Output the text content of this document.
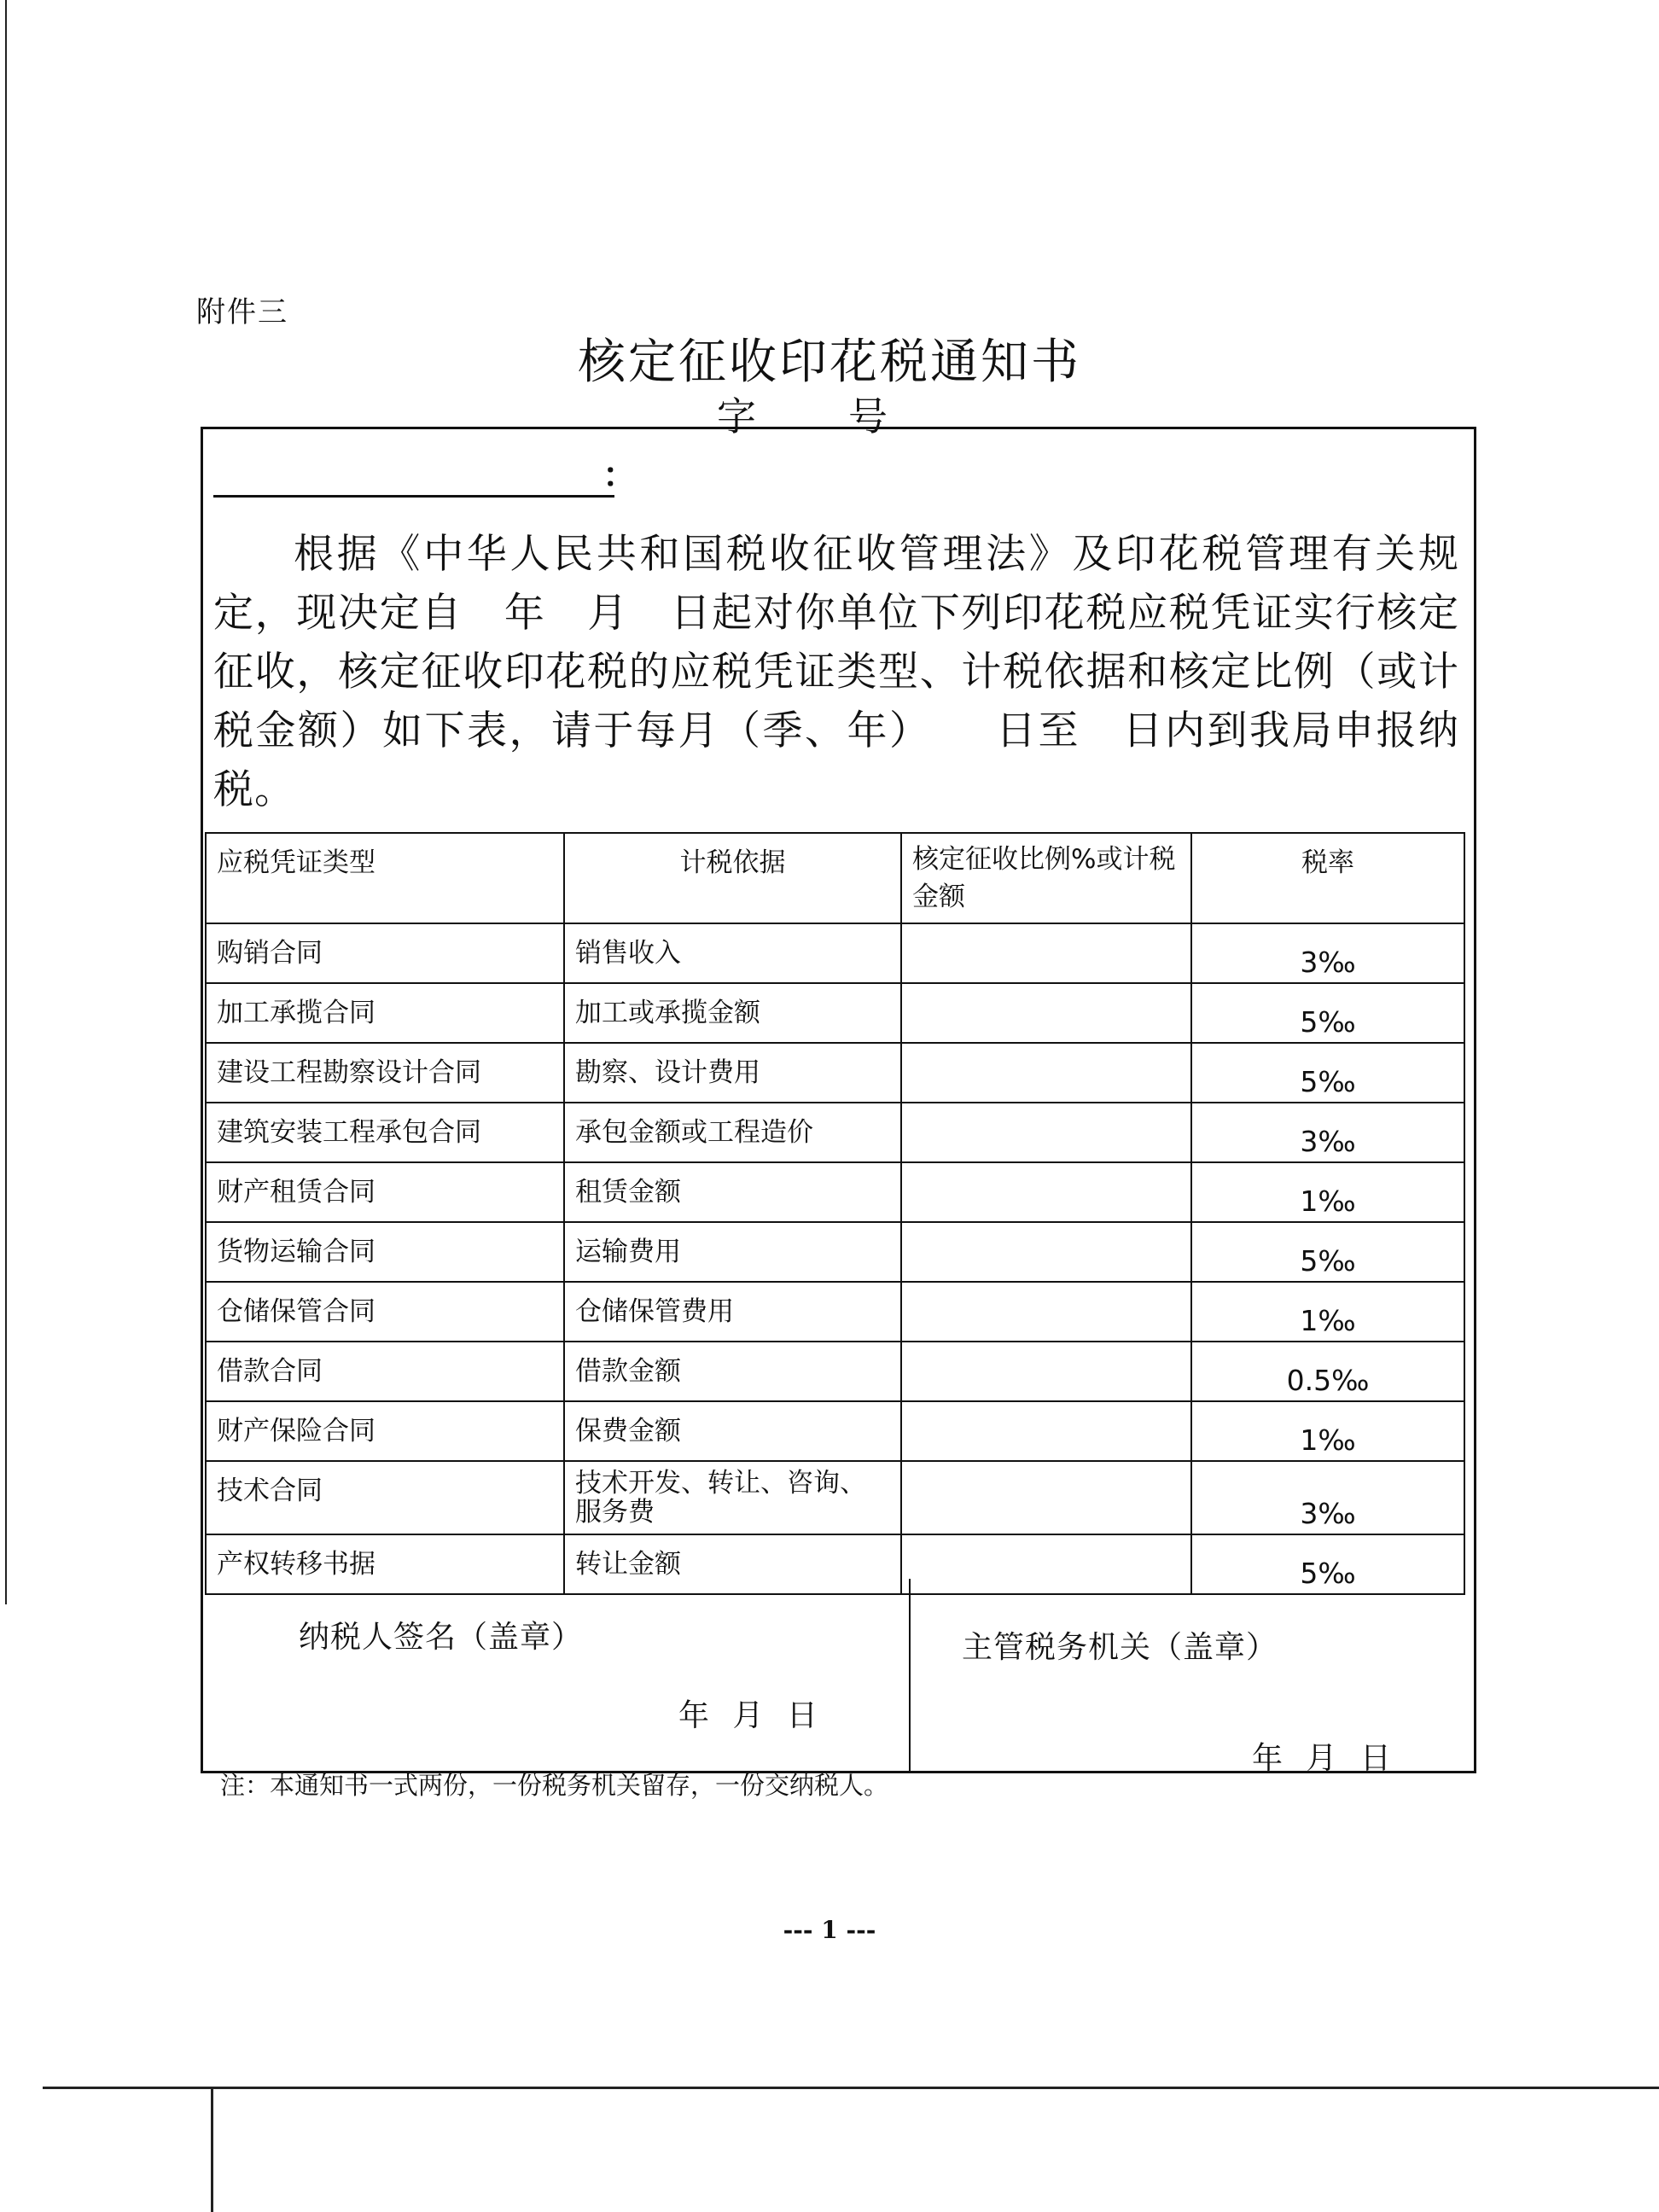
附件三
核定征收印花税通知书
字 号
：
根据《中华人民共和国税收征收管理法》及印花税管理有关规定，现决定自　年　月　日起对你单位下列印花税应税凭证实行核定征收，核定征收印花税的应税凭证类型、计税依据和核定比例（或计税金额）如下表，请于每月（季、年）　　日至　日内到我局申报纳税。
应税凭证类型	计税依据	核定征收比例%或计税金额	税率
购销合同	销售收入		3‰
加工承揽合同	加工或承揽金额		5‰
建设工程勘察设计合同	勘察、设计费用		5‰
建筑安装工程承包合同	承包金额或工程造价		3‰
财产租赁合同	租赁金额		1‰
货物运输合同	运输费用		5‰
仓储保管合同	仓储保管费用		1‰
借款合同	借款金额		0.5‰
财产保险合同	保费金额		1‰
技术合同	技术开发、转让、咨询、服务费		3‰
产权转移书据	转让金额		5‰
纳税人签名（盖章）
年 月 日
主管税务机关（盖章）
年 月 日
注：本通知书一式两份，一份税务机关留存，一份交纳税人。
--- 1 ---
